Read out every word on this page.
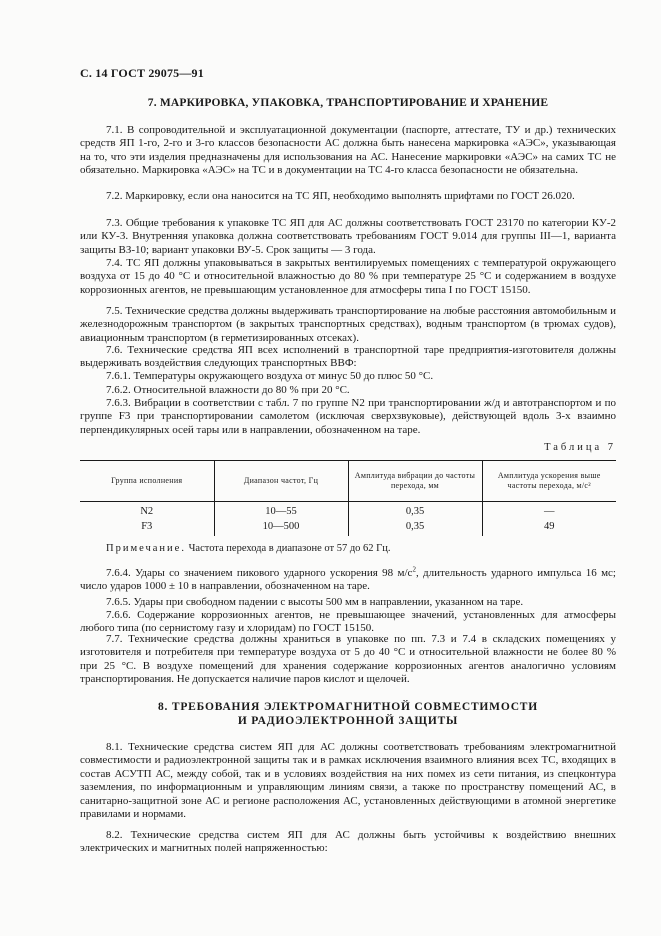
С. 14 ГОСТ 29075—91
7. МАРКИРОВКА, УПАКОВКА, ТРАНСПОРТИРОВАНИЕ И ХРАНЕНИЕ

7.1. В сопроводительной и эксплуатационной документации (паспорте, аттестате, ТУ и др.) технических средств ЯП 1-го, 2-го и 3-го классов безопасности АС должна быть нанесена маркировка «АЭС», указывающая на то, что эти изделия предназначены для использования на АС. Нанесение маркировки «АЭС» на самих ТС не обязательно. Маркировка «АЭС» на ТС и в документации на ТС 4-го класса безопасности не обязательна.

7.2. Маркировку, если она наносится на ТС ЯП, необходимо выполнять шрифтами по ГОСТ 26.020.

7.3. Общие требования к упаковке ТС ЯП для АС должны соответствовать ГОСТ 23170 по категории КУ-2 или КУ-3. Внутренняя упаковка должна соответствовать требованиям ГОСТ 9.014 для группы III—1, варианта защиты ВЗ-10; вариант упаковки ВУ-5. Срок защиты — 3 года.

7.4. ТС ЯП должны упаковываться в закрытых вентилируемых помещениях с температурой окружающего воздуха от 15 до 40 °С и относительной влажностью до 80 % при температуре 25 °С и содержанием в воздухе коррозионных агентов, не превышающим установленное для атмосферы типа I по ГОСТ 15150.

7.5. Технические средства должны выдерживать транспортирование на любые расстояния автомобильным и железнодорожным транспортом (в закрытых транспортных средствах), водным транспортом (в трюмах судов), авиационным транспортом (в герметизированных отсеках).

7.6. Технические средства ЯП всех исполнений в транспортной таре предприятия-изготовителя должны выдерживать воздействия следующих транспортных ВВФ:

7.6.1. Температуры окружающего воздуха от минус 50 до плюс 50 °С.

7.6.2. Относительной влажности до 80 % при 20 °С.

7.6.3. Вибрации в соответствии с табл. 7 по группе N2 при транспортировании ж/д и автотранспортом и по группе F3 при транспортировании самолетом (исключая сверхзвуковые), действующей вдоль 3-х взаимно перпендикулярных осей тары или в направлении, обозначенном на таре.

Таблица 7
Группа исполнения	Диапазон частот, Гц	Амплитуда вибрации до частоты перехода, мм	Амплитуда ускорения выше частоты перехода, м/с²
N2	10—55	0,35	—
F3	10—500	0,35	49
Примечание. Частота перехода в диапазоне от 57 до 62 Гц.

7.6.4. Удары со значением пикового ударного ускорения 98 $м/с^2$, длительность ударного импульса 16 мс; число ударов 1000 ± 10 в направлении, обозначенном на таре.

7.6.5. Удары при свободном падении с высоты 500 мм в направлении, указанном на таре.

7.6.6. Содержание коррозионных агентов, не превышающее значений, установленных для атмосферы любого типа (по сернистому газу и хлоридам) по ГОСТ 15150.

7.7. Технические средства должны храниться в упаковке по пп. 7.3 и 7.4 в складских помещениях у изготовителя и потребителя при температуре воздуха от 5 до 40 °С и относительной влажности не более 80 % при 25 °С. В воздухе помещений для хранения содержание коррозионных агентов аналогично условиям транспортирования. Не допускается наличие паров кислот и щелочей.

8. ТРЕБОВАНИЯ ЭЛЕКТРОМАГНИТНОЙ СОВМЕСТИМОСТИ
И РАДИОЭЛЕКТРОННОЙ ЗАЩИТЫ

8.1. Технические средства систем ЯП для АС должны соответствовать требованиям электромагнитной совместимости и радиоэлектронной защиты так и в рамках исключения взаимного влияния всех ТС, входящих в состав АСУТП АС, между собой, так и в условиях воздействия на них помех из сети питания, из спецконтура заземления, по информационным и управляющим линиям связи, а также по пространству помещений АС, в санитарно-защитной зоне АС и регионе расположения АС, установленных действующими в атомной энергетике правилами и нормами.

8.2. Технические средства систем ЯП для АС должны быть устойчивы к воздействию внешних электрических и магнитных полей напряженностью:
